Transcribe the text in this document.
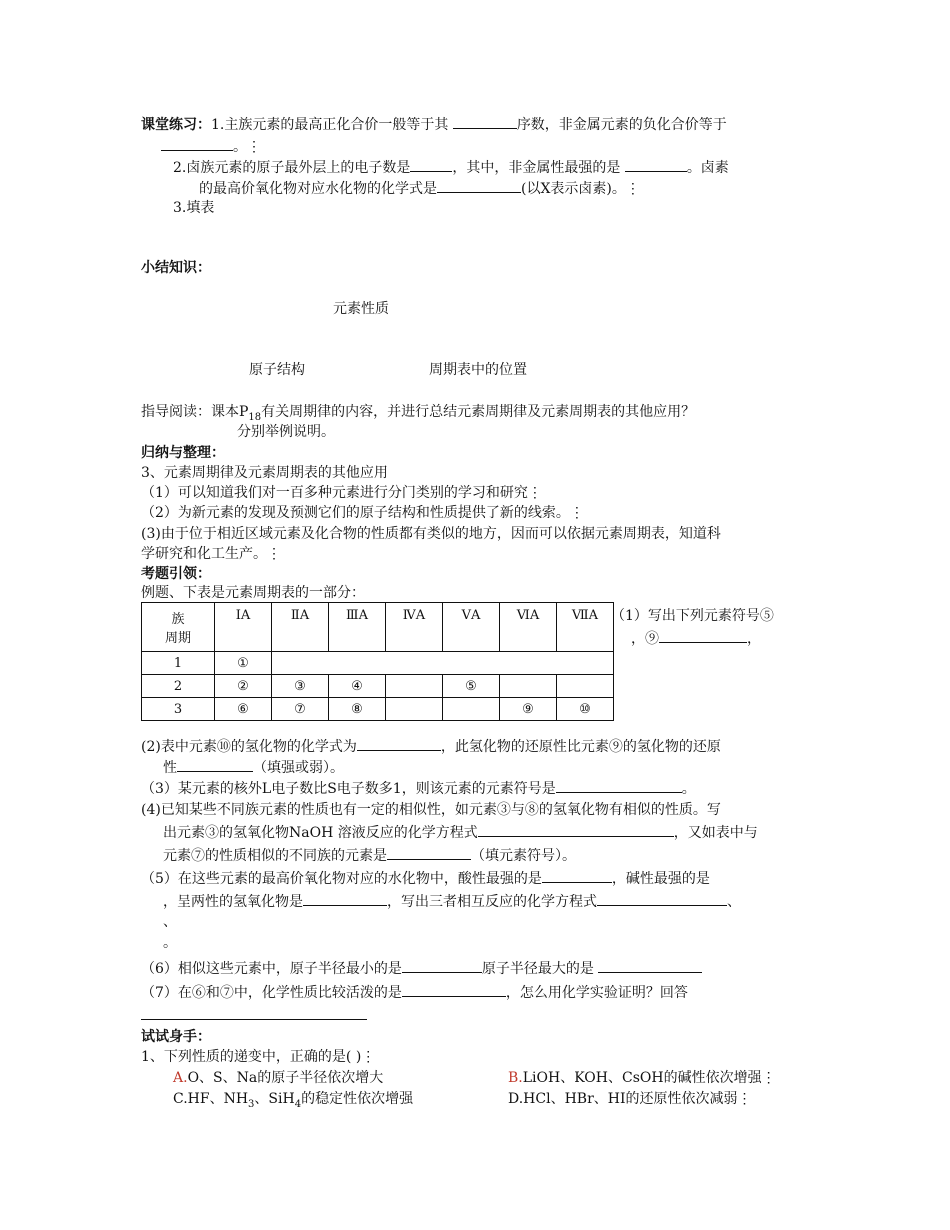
课堂练习：1.主族元素的最高正化合价一般等于其	序数，非金属元素的负化合价等于
。⋮
2.卤族元素的原子最外层上的电子数是	，其中，非金属性最强的是	。卤素
的最高价氧化物对应水化物的化学式是	(以X表示卤素)。⋮
3.填表
小结知识：
元素性质
原子结构	周期表中的位置
指导阅读：课本$P_{18}$有关周期律的内容，并进行总结元素周期律及元素周期表的其他应用？
分别举例说明。
归纳与整理：
3、元素周期律及元素周期表的其他应用
（1）可以知道我们对一百多种元素进行分门类别的学习和研究⋮
（2）为新元素的发现及预测它们的原子结构和性质提供了新的线索。⋮
(3)由于位于相近区域元素及化合物的性质都有类似的地方，因而可以依据元素周期表，知道科
学研究和化工生产。⋮
考题引领：
例题、下表是元素周期表的一部分：
族
周期	ⅠA	ⅡA	ⅢA	ⅣA	ⅤA	ⅥA	ⅦA
1	①						
2	②	③	④		⑤		
3	⑥	⑦	⑧			⑨	⑩
（1）写出下列元素符号⑤
，⑨	，
(2)表中元素⑩的氢化物的化学式为	，此氢化物的还原性比元素⑨的氢化物的还原
性	（填强或弱）。
（3）某元素的核外L电子数比S电子数多1，则该元素的元素符号是	。
(4)已知某些不同族元素的性质也有一定的相似性，如元素③与⑧的氢氧化物有相似的性质。写
出元素③的氢氧化物NaOH 溶液反应的化学方程式	，又如表中与
元素⑦的性质相似的不同族的元素是	（填元素符号）。
（5）在这些元素的最高价氧化物对应的水化物中，酸性最强的是	，碱性最强的是
，呈两性的氢氧化物是	，写出三者相互反应的化学方程式	、
、
。
（6）相似这些元素中，原子半径最小的是	原子半径最大的是
（7）在⑥和⑦中，化学性质比较活泼的是	，怎么用化学实验证明？回答
试试身手：
1、下列性质的递变中，正确的是( )⋮
A.O、S、Na的原子半径依次增大	B.LiOH、KOH、CsOH的碱性依次增强⋮
C.HF、$NH_3$、SiH$_4$的稳定性依次增强	D.HCl、HBr、HI的还原性依次减弱⋮
